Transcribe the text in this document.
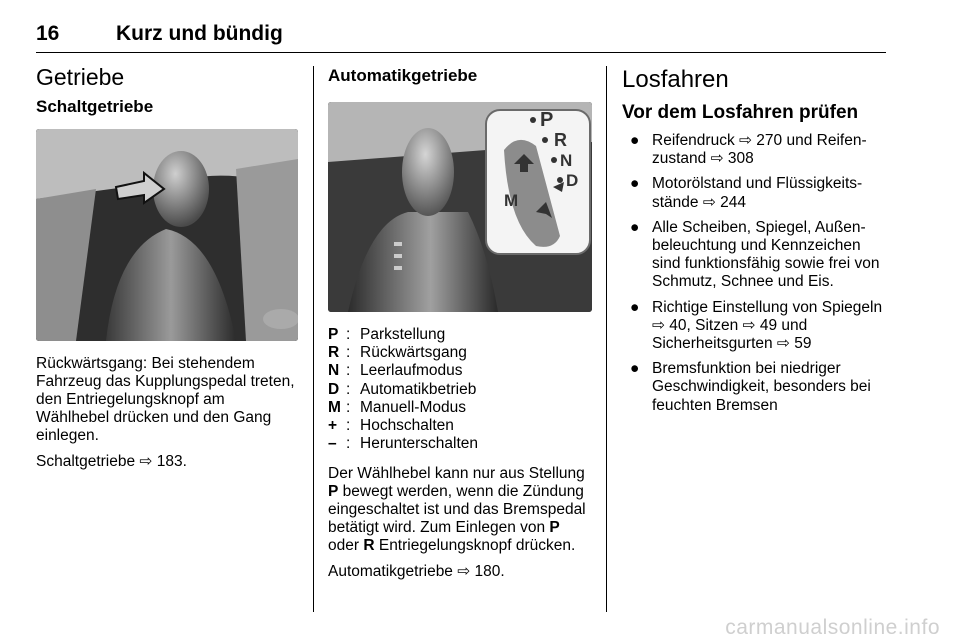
16	Kurz und bündig
Getriebe
Schaltgetriebe

Rückwärtsgang: Bei stehendem Fahrzeug das Kupplungspedal treten, den Entriegelungsknopf am Wählhebel drücken und den Gang einlegen.

Schaltgetriebe ⇨ 183.

Automatikgetriebe
P
R
N
D
M
P : Parkstellung
R : Rückwärtsgang
N : Leerlaufmodus
D : Automatikbetrieb
M : Manuell-Modus
+ : Hochschalten
– : Herunterschalten

Der Wählhebel kann nur aus Stellung P bewegt werden, wenn die Zündung eingeschaltet ist und das Bremspedal betätigt wird. Zum Einlegen von P oder R Entriegelungsknopf drücken.

Automatikgetriebe ⇨ 180.

Losfahren
Vor dem Losfahren prüfen
● Reifendruck ⇨ 270 und Reifenzustand ⇨ 308
● Motorölstand und Flüssigkeitsstände ⇨ 244
● Alle Scheiben, Spiegel, Außenbeleuchtung und Kennzeichen sind funktionsfähig sowie frei von Schmutz, Schnee und Eis.
● Richtige Einstellung von Spiegeln ⇨ 40, Sitzen ⇨ 49 und Sicherheitsgurten ⇨ 59
● Bremsfunktion bei niedriger Geschwindigkeit, besonders bei feuchten Bremsen
carmanualsonline.info
